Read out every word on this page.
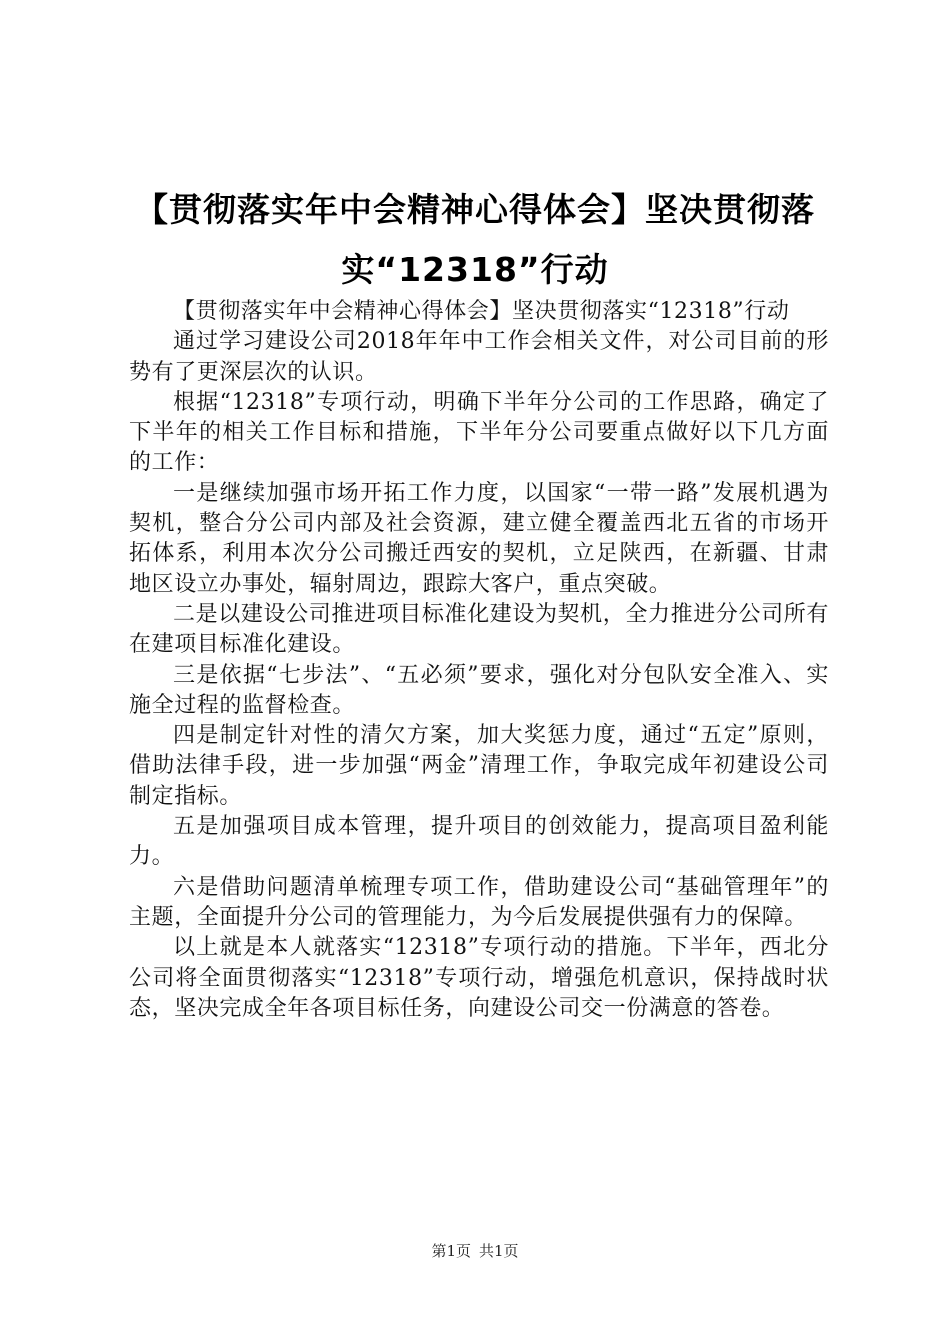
【贯彻落实年中会精神心得体会】坚决贯彻落实“12318”行动

【贯彻落实年中会精神心得体会】坚决贯彻落实“12318”行动

通过学习建设公司2018年年中工作会相关文件，对公司目前的形势有了更深层次的认识。

根据“12318”专项行动，明确下半年分公司的工作思路，确定了下半年的相关工作目标和措施，下半年分公司要重点做好以下几方面的工作：

一是继续加强市场开拓工作力度，以国家“一带一路”发展机遇为契机，整合分公司内部及社会资源，建立健全覆盖西北五省的市场开拓体系，利用本次分公司搬迁西安的契机，立足陕西，在新疆、甘肃地区设立办事处，辐射周边，跟踪大客户，重点突破。

二是以建设公司推进项目标准化建设为契机，全力推进分公司所有在建项目标准化建设。

三是依据“七步法”、“五必须”要求，强化对分包队安全准入、实施全过程的监督检查。

四是制定针对性的清欠方案，加大奖惩力度，通过“五定”原则，借助法律手段，进一步加强“两金”清理工作，争取完成年初建设公司制定指标。

五是加强项目成本管理，提升项目的创效能力，提高项目盈利能力。

六是借助问题清单梳理专项工作，借助建设公司“基础管理年”的主题，全面提升分公司的管理能力，为今后发展提供强有力的保障。

以上就是本人就落实“12318”专项行动的措施。下半年，西北分公司将全面贯彻落实“12318”专项行动，增强危机意识，保持战时状态，坚决完成全年各项目标任务，向建设公司交一份满意的答卷。

第1页 共1页
